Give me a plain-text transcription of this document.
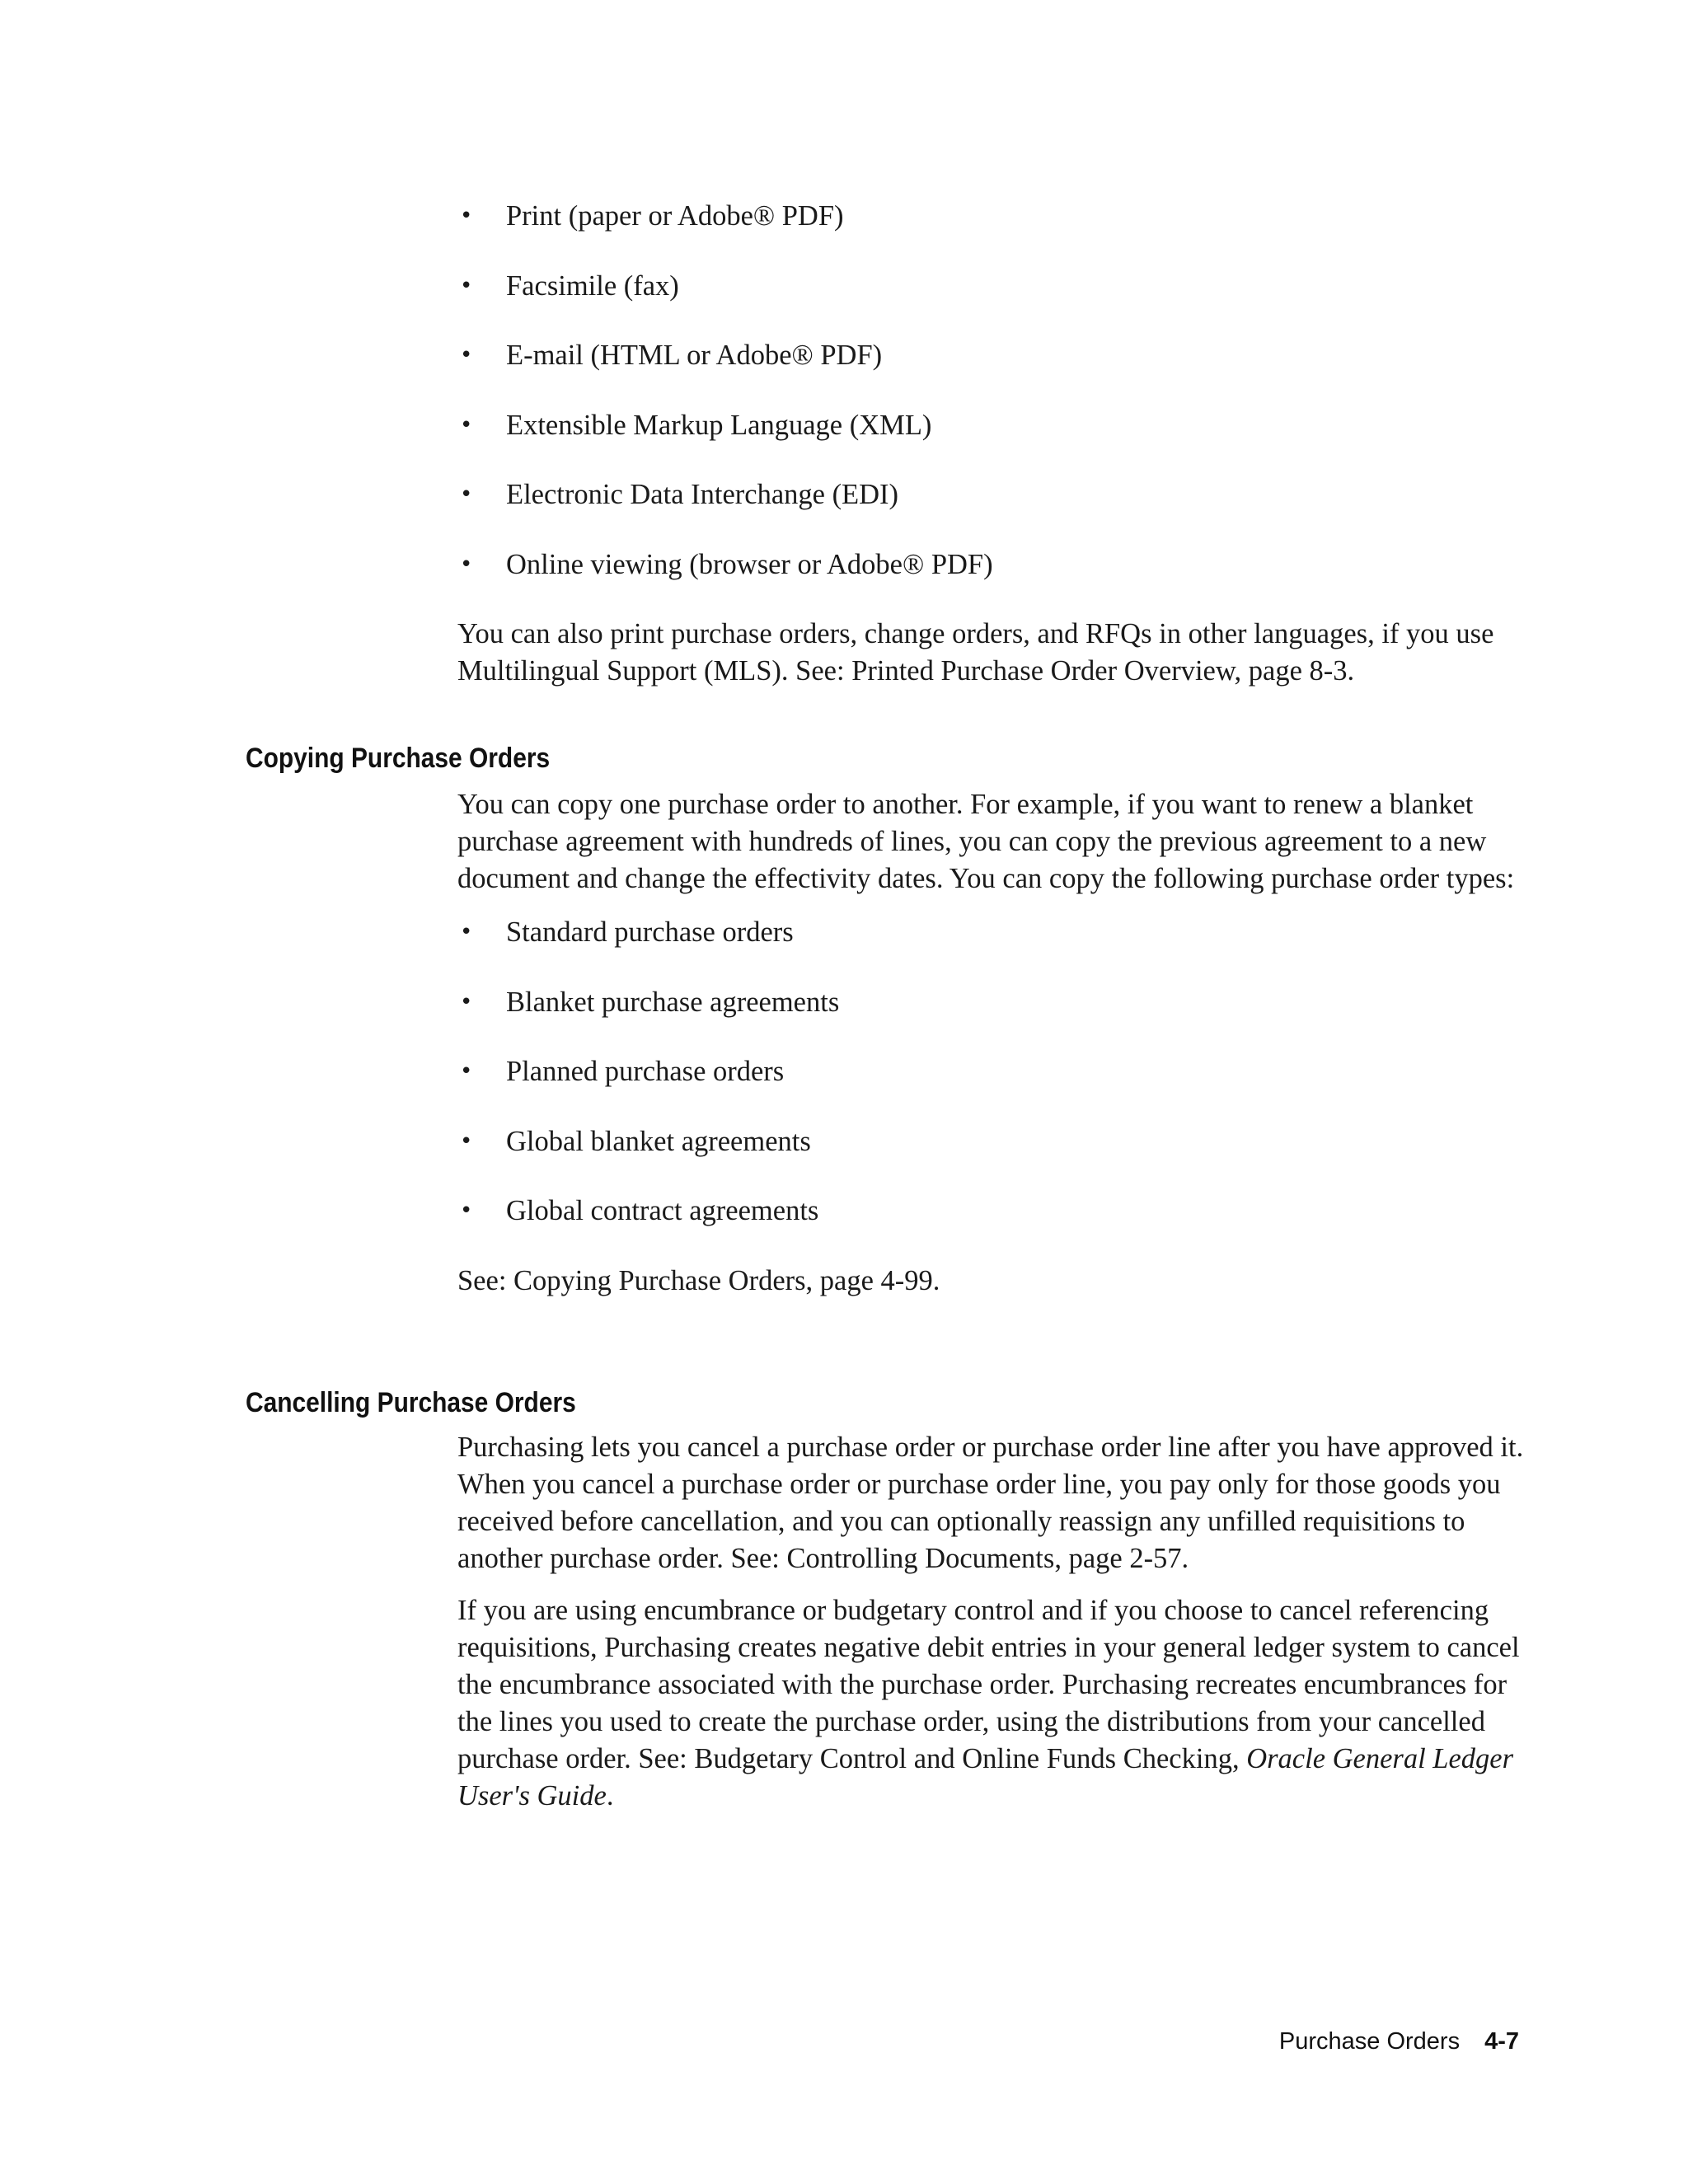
• Print (paper or Adobe® PDF)
• Facsimile (fax)
• E-mail (HTML or Adobe® PDF)
• Extensible Markup Language (XML)
• Electronic Data Interchange (EDI)
• Online viewing (browser or Adobe® PDF)

You can also print purchase orders, change orders, and RFQs in other languages, if you use Multilingual Support (MLS). See: Printed Purchase Order Overview, page 8-3.

Copying Purchase Orders

You can copy one purchase order to another. For example, if you want to renew a blanket purchase agreement with hundreds of lines, you can copy the previous agreement to a new document and change the effectivity dates. You can copy the following purchase order types:

• Standard purchase orders
• Blanket purchase agreements
• Planned purchase orders
• Global blanket agreements
• Global contract agreements

See: Copying Purchase Orders, page 4-99.

Cancelling Purchase Orders

Purchasing lets you cancel a purchase order or purchase order line after you have approved it. When you cancel a purchase order or purchase order line, you pay only for those goods you received before cancellation, and you can optionally reassign any unfilled requisitions to another purchase order. See: Controlling Documents, page 2-57.

If you are using encumbrance or budgetary control and if you choose to cancel referencing requisitions, Purchasing creates negative debit entries in your general ledger system to cancel the encumbrance associated with the purchase order. Purchasing recreates encumbrances for the lines you used to create the purchase order, using the distributions from your cancelled purchase order. See: Budgetary Control and Online Funds Checking, Oracle General Ledger User's Guide.

Purchase Orders 4-7
